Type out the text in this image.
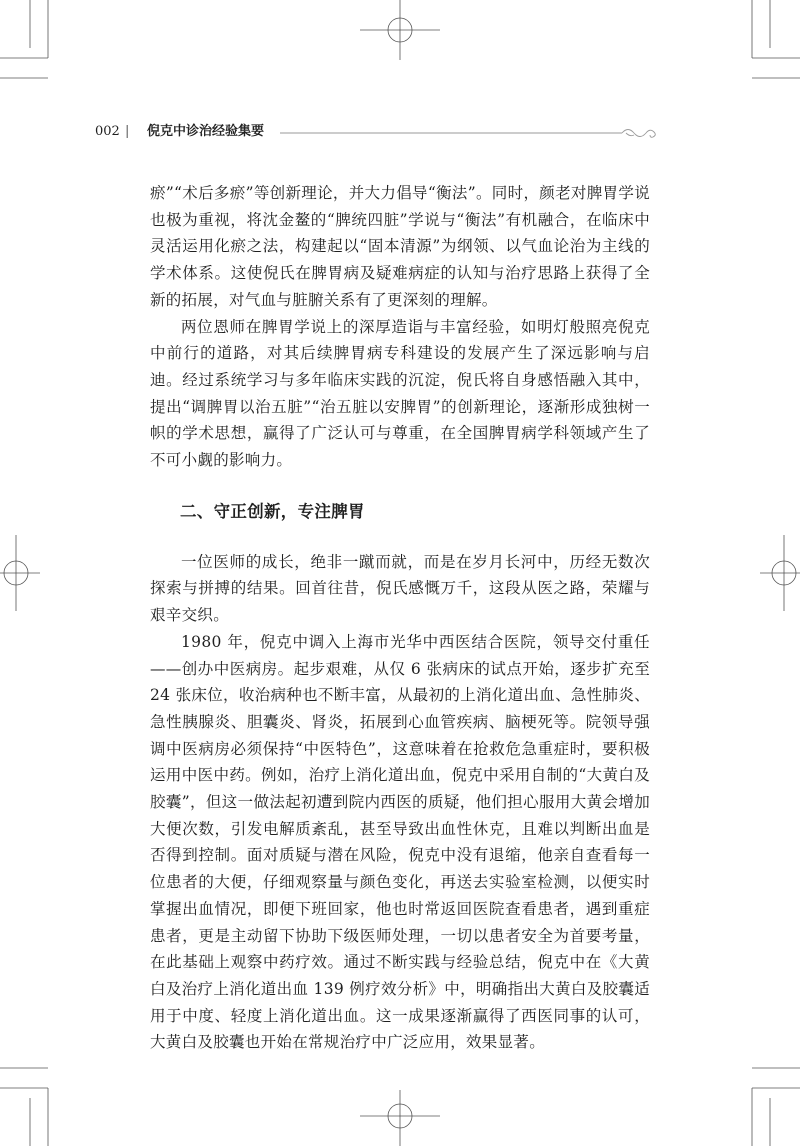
002 | 倪克中诊治经验集要

瘀”“术后多瘀”等创新理论，并大力倡导“衡法”。同时，颜老对脾胃学说也极为重视，将沈金鳌的“脾统四脏”学说与“衡法”有机融合，在临床中灵活运用化瘀之法，构建起以“固本清源”为纲领、以气血论治为主线的学术体系。这使倪氏在脾胃病及疑难病症的认知与治疗思路上获得了全新的拓展，对气血与脏腑关系有了更深刻的理解。

两位恩师在脾胃学说上的深厚造诣与丰富经验，如明灯般照亮倪克中前行的道路，对其后续脾胃病专科建设的发展产生了深远影响与启迪。经过系统学习与多年临床实践的沉淀，倪氏将自身感悟融入其中，提出“调脾胃以治五脏”“治五脏以安脾胃”的创新理论，逐渐形成独树一帜的学术思想，赢得了广泛认可与尊重，在全国脾胃病学科领域产生了不可小觑的影响力。

二、守正创新，专注脾胃

一位医师的成长，绝非一蹴而就，而是在岁月长河中，历经无数次探索与拼搏的结果。回首往昔，倪氏感慨万千，这段从医之路，荣耀与艰辛交织。

1980 年，倪克中调入上海市光华中西医结合医院，领导交付重任——创办中医病房。起步艰难，从仅 6 张病床的试点开始，逐步扩充至 24 张床位，收治病种也不断丰富，从最初的上消化道出血、急性肺炎、急性胰腺炎、胆囊炎、肾炎，拓展到心血管疾病、脑梗死等。院领导强调中医病房必须保持“中医特色”，这意味着在抢救危急重症时，要积极运用中医中药。例如，治疗上消化道出血，倪克中采用自制的“大黄白及胶囊”，但这一做法起初遭到院内西医的质疑，他们担心服用大黄会增加大便次数，引发电解质紊乱，甚至导致出血性休克，且难以判断出血是否得到控制。面对质疑与潜在风险，倪克中没有退缩，他亲自查看每一位患者的大便，仔细观察量与颜色变化，再送去实验室检测，以便实时掌握出血情况，即便下班回家，他也时常返回医院查看患者，遇到重症患者，更是主动留下协助下级医师处理，一切以患者安全为首要考量，在此基础上观察中药疗效。通过不断实践与经验总结，倪克中在《大黄白及治疗上消化道出血 139 例疗效分析》中，明确指出大黄白及胶囊适用于中度、轻度上消化道出血。这一成果逐渐赢得了西医同事的认可，大黄白及胶囊也开始在常规治疗中广泛应用，效果显著。
